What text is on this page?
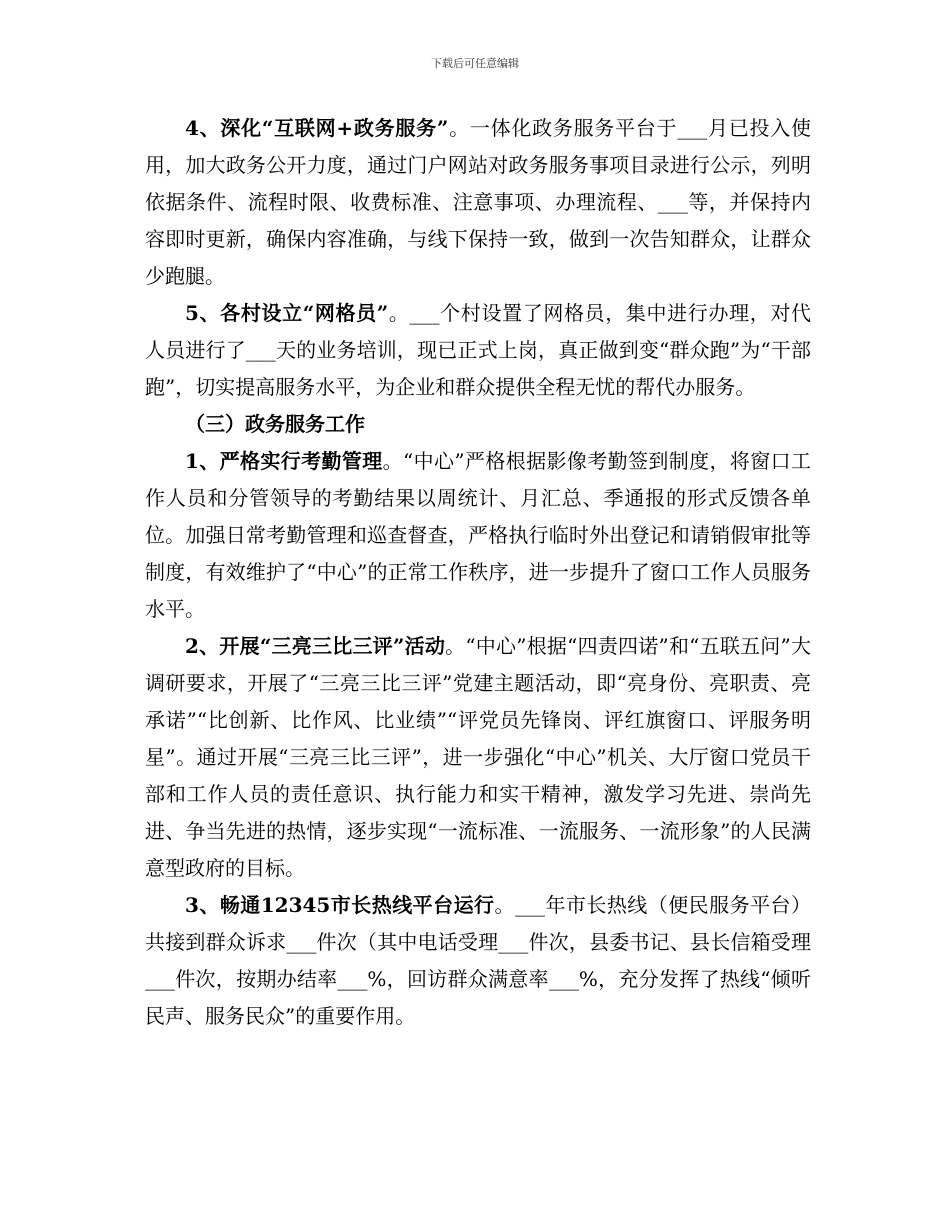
下载后可任意编辑

4、深化“互联网+政务服务”。一体化政务服务平台于___月已投入使用，加大政务公开力度，通过门户网站对政务服务事项目录进行公示，列明依据条件、流程时限、收费标准、注意事项、办理流程、___等，并保持内容即时更新，确保内容准确，与线下保持一致，做到一次告知群众，让群众少跑腿。

5、各村设立“网格员”。___个村设置了网格员，集中进行办理，对代人员进行了___天的业务培训，现已正式上岗，真正做到变“群众跑”为“干部跑”，切实提高服务水平，为企业和群众提供全程无忧的帮代办服务。

（三）政务服务工作

1、严格实行考勤管理。“中心”严格根据影像考勤签到制度，将窗口工作人员和分管领导的考勤结果以周统计、月汇总、季通报的形式反馈各单位。加强日常考勤管理和巡查督查，严格执行临时外出登记和请销假审批等制度，有效维护了“中心”的正常工作秩序，进一步提升了窗口工作人员服务水平。

2、开展“三亮三比三评”活动。“中心”根据“四责四诺”和“五联五问”大调研要求，开展了“三亮三比三评”党建主题活动，即“亮身份、亮职责、亮承诺”“比创新、比作风、比业绩”“评党员先锋岗、评红旗窗口、评服务明星”。通过开展“三亮三比三评”，进一步强化“中心”机关、大厅窗口党员干部和工作人员的责任意识、执行能力和实干精神，激发学习先进、崇尚先进、争当先进的热情，逐步实现“一流标准、一流服务、一流形象”的人民满意型政府的目标。

3、畅通12345市长热线平台运行。___年市长热线（便民服务平台）共接到群众诉求___件次（其中电话受理___件次，县委书记、县长信箱受理___件次，按期办结率___%，回访群众满意率___%，充分发挥了热线“倾听民声、服务民众”的重要作用。
